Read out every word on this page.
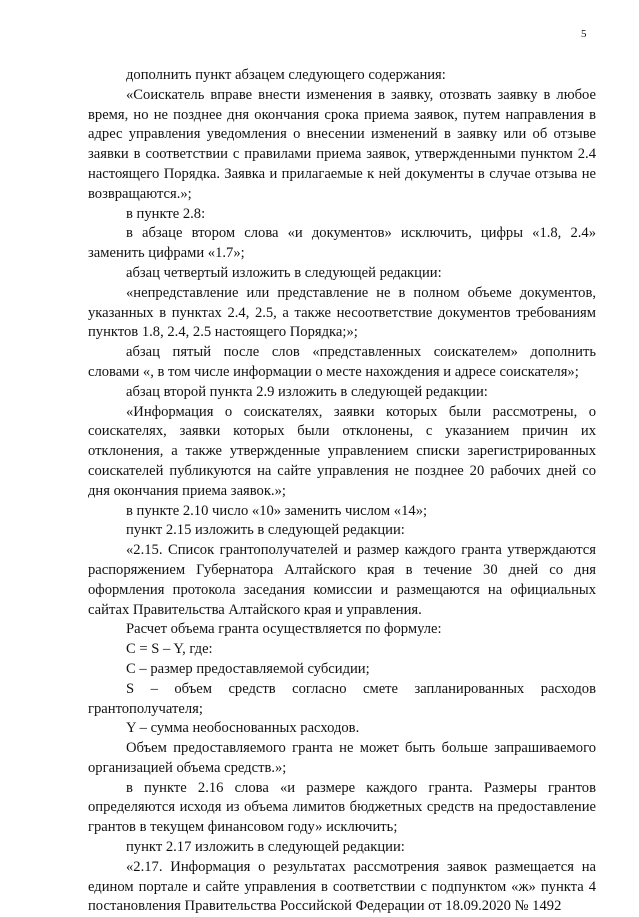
5

дополнить пункт абзацем следующего содержания:

«Соискатель вправе внести изменения в заявку, отозвать заявку в любое время, но не позднее дня окончания срока приема заявок, путем направления в адрес управления уведомления о внесении изменений в заявку или об отзыве заявки в соответствии с правилами приема заявок, утвержденными пунктом 2.4 настоящего Порядка. Заявка и прилагаемые к ней документы в случае отзыва не возвращаются.»;

в пункте 2.8:

в абзаце втором слова «и документов» исключить, цифры «1.8, 2.4» заменить цифрами «1.7»;

абзац четвертый изложить в следующей редакции:

«непредставление или представление не в полном объеме документов, указанных в пунктах 2.4, 2.5, а также несоответствие документов требованиям пунктов 1.8, 2.4, 2.5 настоящего Порядка;»;

абзац пятый после слов «представленных соискателем» дополнить словами «, в том числе информации о месте нахождения и адресе соискателя»;

абзац второй пункта 2.9 изложить в следующей редакции:

«Информация о соискателях, заявки которых были рассмотрены, о соискателях, заявки которых были отклонены, с указанием причин их отклонения, а также утвержденные управлением списки зарегистрированных соискателей публикуются на сайте управления не позднее 20 рабочих дней со дня окончания приема заявок.»;

в пункте 2.10 число «10» заменить числом «14»;

пункт 2.15 изложить в следующей редакции:

«2.15. Список грантополучателей и размер каждого гранта утверждаются распоряжением Губернатора Алтайского края в течение 30 дней со дня оформления протокола заседания комиссии и размещаются на официальных сайтах Правительства Алтайского края и управления.

Расчет объема гранта осуществляется по формуле:

C = S – Y, где:

C – размер предоставляемой субсидии;

S – объем средств согласно смете запланированных расходов грантополучателя;

Y – сумма необоснованных расходов.

Объем предоставляемого гранта не может быть больше запрашиваемого организацией объема средств.»;

в пункте 2.16 слова «и размере каждого гранта. Размеры грантов определяются исходя из объема лимитов бюджетных средств на предоставление грантов в текущем финансовом году» исключить;

пункт 2.17 изложить в следующей редакции:

«2.17. Информация о результатах рассмотрения заявок размещается на едином портале и сайте управления в соответствии с подпунктом «ж» пункта 4 постановления Правительства Российской Федерации от 18.09.2020 № 1492
